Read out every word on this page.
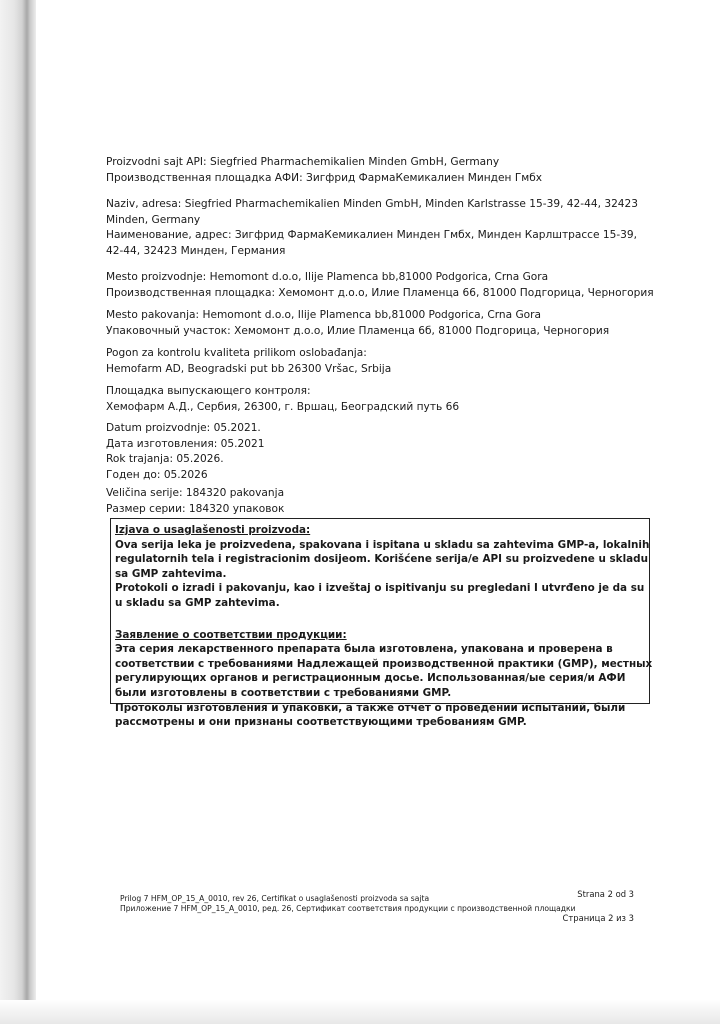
Proizvodni sajt API: Siegfried Pharmachemikalien Minden GmbH, Germany

Производственная площадка АФИ: Зигфрид ФармаКемикалиен Минден Гмбх

Naziv, adresa: Siegfried Pharmachemikalien Minden GmbH, Minden Karlstrasse 15-39, 42-44, 32423

Minden, Germany

Наименование, адрес: Зигфрид ФармаКемикалиен Минден Гмбх, Минден Карлштрассе 15-39,

42-44, 32423 Минден, Германия

Mesto proizvodnje: Hemomont d.o.o, Ilije Plamenca bb,81000 Podgorica, Crna Gora

Производственная площадка: Хемомонт д.о.о, Илие Пламенца 66, 81000 Подгорица, Черногория

Mesto pakovanja: Hemomont d.o.o, Ilije Plamenca bb,81000 Podgorica, Crna Gora

Упаковочный участок: Хемомонт д.о.о, Илие Пламенца 6б, 81000 Подгорица, Черногория

Pogon za kontrolu kvaliteta prilikom oslobađanja:

Hemofarm AD, Beogradski put bb 26300 Vršac, Srbija

Площадка выпускающего контроля:

Хемофарм А.Д., Сербия, 26300, г. Вршац, Београдский путь 66

Datum proizvodnje: 05.2021.

Дата изготовления: 05.2021

Rok trajanja: 05.2026.

Годен до: 05.2026

Veličina serije: 184320 pakovanja

Размер серии: 184320 упаковок

Izjava o usaglašenosti proizvoda:

Ova serija leka je proizvedena, spakovana i ispitana u skladu sa zahtevima GMP-a, lokalnih

regulatornih tela i registracionim dosijeom. Korišćene serija/e API su proizvedene u skladu

sa GMP zahtevima.

Protokoli o izradi i pakovanju, kao i izveštaj o ispitivanju su pregledani I utvrđeno je da su

u skladu sa GMP zahtevima.

Заявление о соответствии продукции:

Эта серия лекарственного препарата была изготовлена, упакована и проверена в

соответствии с требованиями Надлежащей производственной практики (GMP), местных

регулирующих органов и регистрационным досье. Использованная/ые серия/и АФИ

были изготовлены в соответствии с требованиями GMP.

Протоколы изготовления и упаковки, а также отчет о проведении испытаний, были

рассмотрены и они признаны соответствующими требованиям GMP.

Prilog 7 HFM_OP_15_A_0010, rev 26, Certifikat o usaglašenosti proizvoda sa sajta	Strana 2 od 3

Приложение 7 HFM_OP_15_A_0010, ред. 26, Сертификат соответствия продукции с производственной площадки

Страница 2 из 3
